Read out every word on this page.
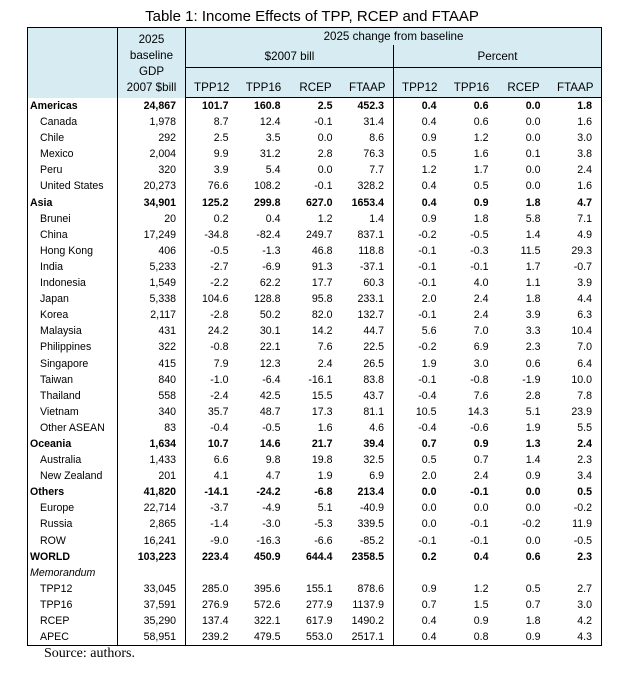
Table 1: Income Effects of TPP, RCEP and FTAAP

	2025
baseline
GDP
2007 $bill	2025 change from baseline							
		$2007 bill				Percent			
		TPP12	TPP16	RCEP	FTAAP	TPP12	TPP16	RCEP	FTAAP
Americas	24,867	101.7	160.8	2.5	452.3	0.4	0.6	0.0	1.8
Canada	1,978	8.7	12.4	-0.1	31.4	0.4	0.6	0.0	1.6
Chile	292	2.5	3.5	0.0	8.6	0.9	1.2	0.0	3.0
Mexico	2,004	9.9	31.2	2.8	76.3	0.5	1.6	0.1	3.8
Peru	320	3.9	5.4	0.0	7.7	1.2	1.7	0.0	2.4
United States	20,273	76.6	108.2	-0.1	328.2	0.4	0.5	0.0	1.6
Asia	34,901	125.2	299.8	627.0	1653.4	0.4	0.9	1.8	4.7
Brunei	20	0.2	0.4	1.2	1.4	0.9	1.8	5.8	7.1
China	17,249	-34.8	-82.4	249.7	837.1	-0.2	-0.5	1.4	4.9
Hong Kong	406	-0.5	-1.3	46.8	118.8	-0.1	-0.3	11.5	29.3
India	5,233	-2.7	-6.9	91.3	-37.1	-0.1	-0.1	1.7	-0.7
Indonesia	1,549	-2.2	62.2	17.7	60.3	-0.1	4.0	1.1	3.9
Japan	5,338	104.6	128.8	95.8	233.1	2.0	2.4	1.8	4.4
Korea	2,117	-2.8	50.2	82.0	132.7	-0.1	2.4	3.9	6.3
Malaysia	431	24.2	30.1	14.2	44.7	5.6	7.0	3.3	10.4
Philippines	322	-0.8	22.1	7.6	22.5	-0.2	6.9	2.3	7.0
Singapore	415	7.9	12.3	2.4	26.5	1.9	3.0	0.6	6.4
Taiwan	840	-1.0	-6.4	-16.1	83.8	-0.1	-0.8	-1.9	10.0
Thailand	558	-2.4	42.5	15.5	43.7	-0.4	7.6	2.8	7.8
Vietnam	340	35.7	48.7	17.3	81.1	10.5	14.3	5.1	23.9
Other ASEAN	83	-0.4	-0.5	1.6	4.6	-0.4	-0.6	1.9	5.5
Oceania	1,634	10.7	14.6	21.7	39.4	0.7	0.9	1.3	2.4
Australia	1,433	6.6	9.8	19.8	32.5	0.5	0.7	1.4	2.3
New Zealand	201	4.1	4.7	1.9	6.9	2.0	2.4	0.9	3.4
Others	41,820	-14.1	-24.2	-6.8	213.4	0.0	-0.1	0.0	0.5
Europe	22,714	-3.7	-4.9	5.1	-40.9	0.0	0.0	0.0	-0.2
Russia	2,865	-1.4	-3.0	-5.3	339.5	0.0	-0.1	-0.2	11.9
ROW	16,241	-9.0	-16.3	-6.6	-85.2	-0.1	-0.1	0.0	-0.5
WORLD	103,223	223.4	450.9	644.4	2358.5	0.2	0.4	0.6	2.3
Memorandum									
TPP12	33,045	285.0	395.6	155.1	878.6	0.9	1.2	0.5	2.7
TPP16	37,591	276.9	572.6	277.9	1137.9	0.7	1.5	0.7	3.0
RCEP	35,290	137.4	322.1	617.9	1490.2	0.4	0.9	1.8	4.2
APEC	58,951	239.2	479.5	553.0	2517.1	0.4	0.8	0.9	4.3
Source: authors.
